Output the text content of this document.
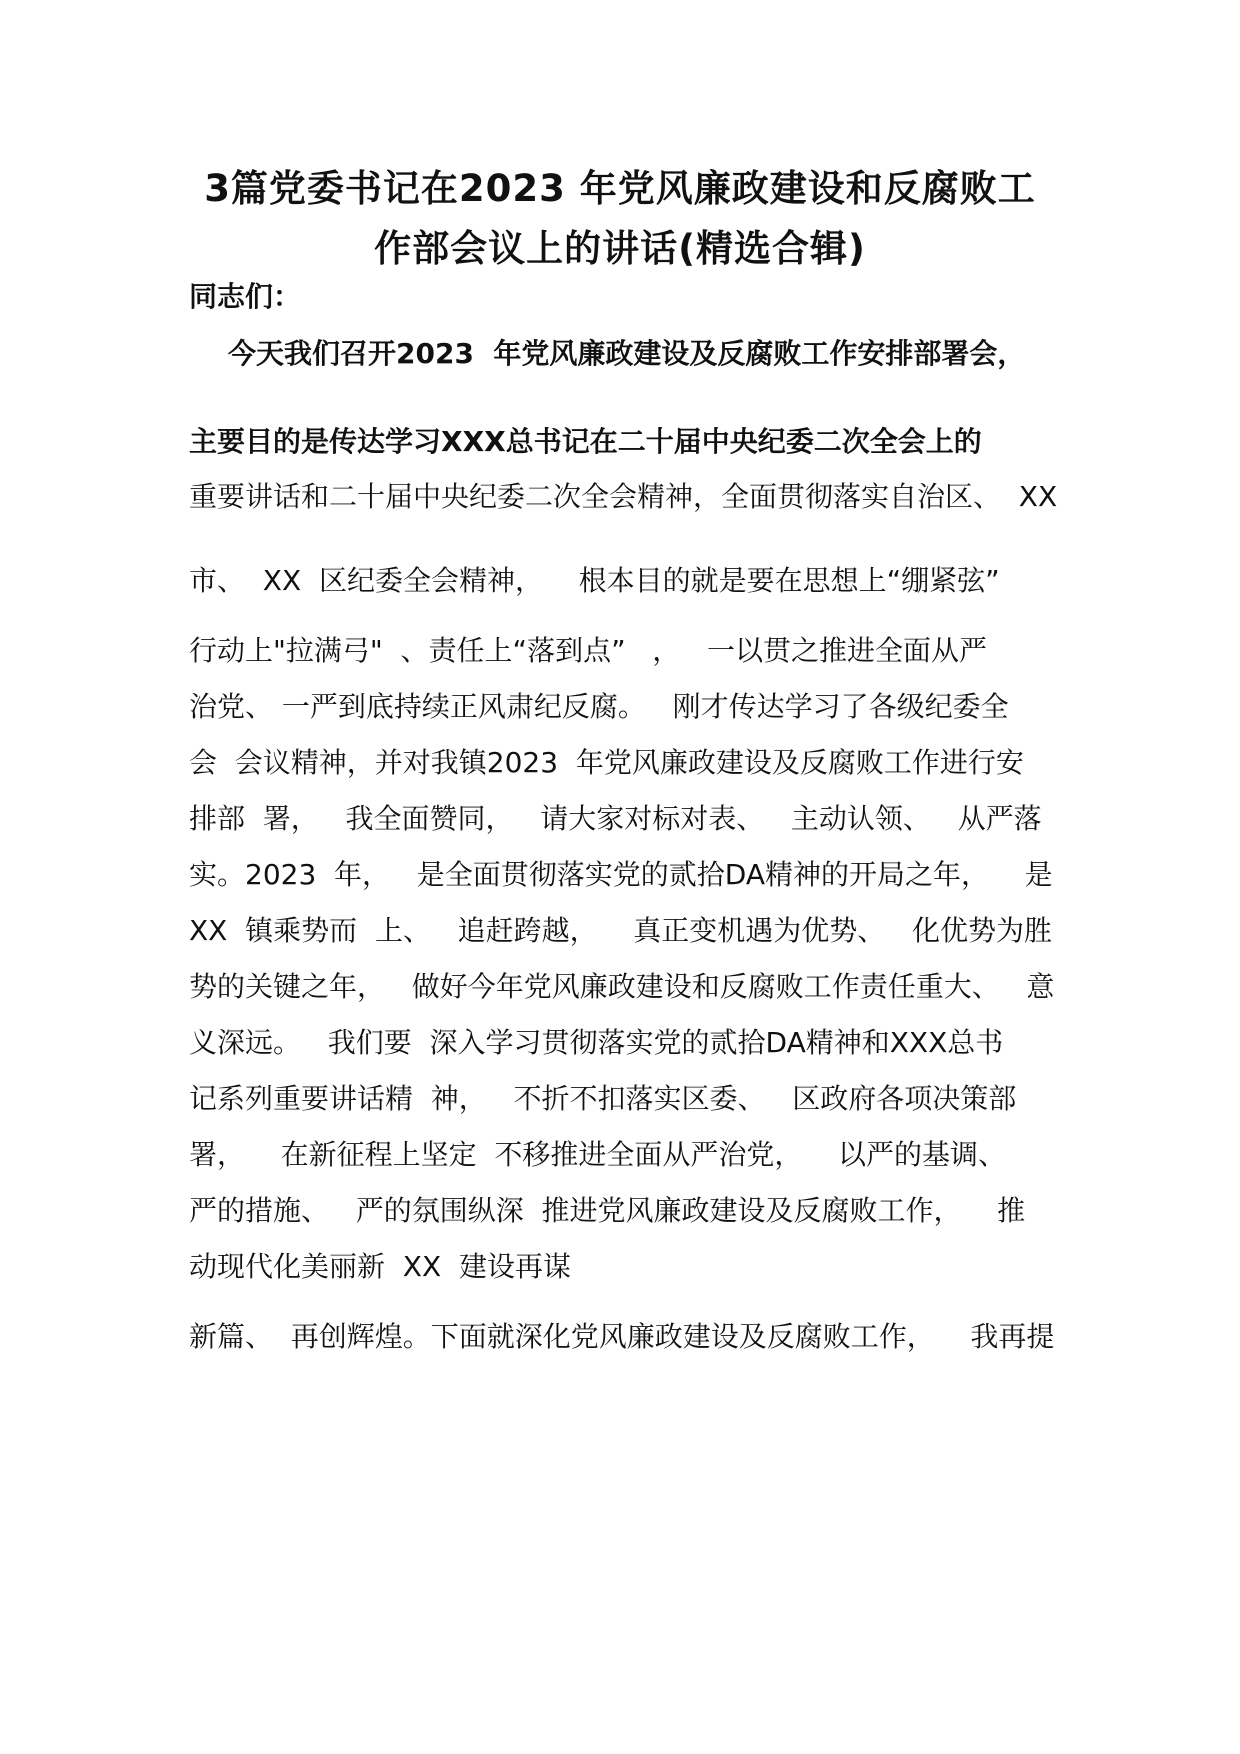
3篇党委书记在2023 年党风廉政建设和反腐败工
作部会议上的讲话(精选合辑)

同志们：

今天我们召开2023  年党风廉政建设及反腐败工作安排部署会，

主要目的是传达学习XXX总书记在二十届中央纪委二次全会上的

重要讲话和二十届中央纪委二次全会精神，全面贯彻落实自治区、  XX

市、  XX  区纪委全会精神，    根本目的就是要在思想上“绷紧弦”

行动上"拉满弓"  、责任上“落到点”   ，   一以贯之推进全面从严

治党、 一严到底持续正风肃纪反腐。   刚才传达学习了各级纪委全

会  会议精神，并对我镇2023  年党风廉政建设及反腐败工作进行安

排部  署，   我全面赞同，   请大家对标对表、   主动认领、   从严落

实。2023  年，   是全面贯彻落实党的贰拾DA精神的开局之年，    是

XX  镇乘势而  上、   追赶跨越，    真正变机遇为优势、   化优势为胜

势的关键之年，   做好今年党风廉政建设和反腐败工作责任重大、   意

义深远。   我们要  深入学习贯彻落实党的贰拾DA精神和XXX总书

记系列重要讲话精  神，   不折不扣落实区委、   区政府各项决策部

署，    在新征程上坚定  不移推进全面从严治党，    以严的基调、

严的措施、   严的氛围纵深  推进党风廉政建设及反腐败工作，    推

动现代化美丽新  XX  建设再谋

新篇、  再创辉煌。下面就深化党风廉政建设及反腐败工作，    我再提
